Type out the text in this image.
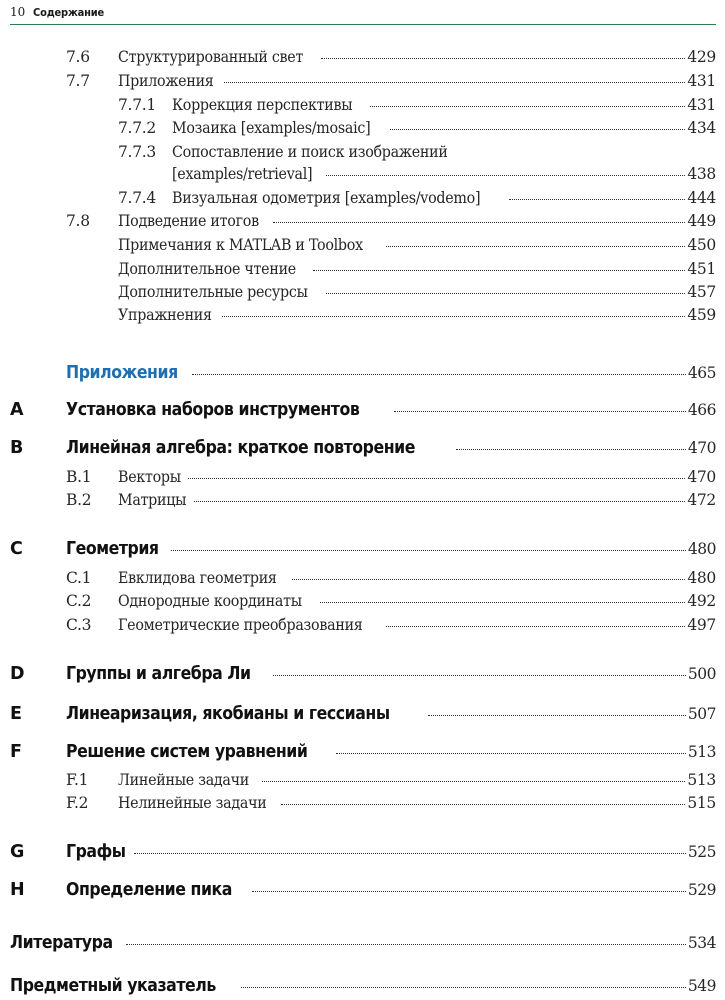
10 Содержание
7.6 Структурированный свет	429
7.7 Приложения	431
7.7.1 Коррекция перспективы	431
7.7.2 Мозаика [examples/mosaic]	434
7.7.3 Сопоставление и поиск изображений
[examples/retrieval]	438
7.7.4 Визуальная одометрия [examples/vodemo]	444
7.8 Подведение итогов	449
Примечания к MATLAB и Toolbox	450
Дополнительное чтение	451
Дополнительные ресурсы	457
Упражнения	459
Приложения	465
A Установка наборов инструментов	466
B Линейная алгебра: краткое повторение	470
B.1 Векторы	470
B.2 Матрицы	472
C Геометрия	480
C.1 Евклидова геометрия	480
C.2 Однородные координаты	492
C.3 Геометрические преобразования	497
D Группы и алгебра Ли	500
E	Линеаризация, якобианы и гессианы	507
F	Решение систем уравнений	513
F.1 Линейные задачи	513
F.2 Нелинейные задачи	515
G Графы	525
H Определение пика	529
Литература	534
Предметный указатель	549
